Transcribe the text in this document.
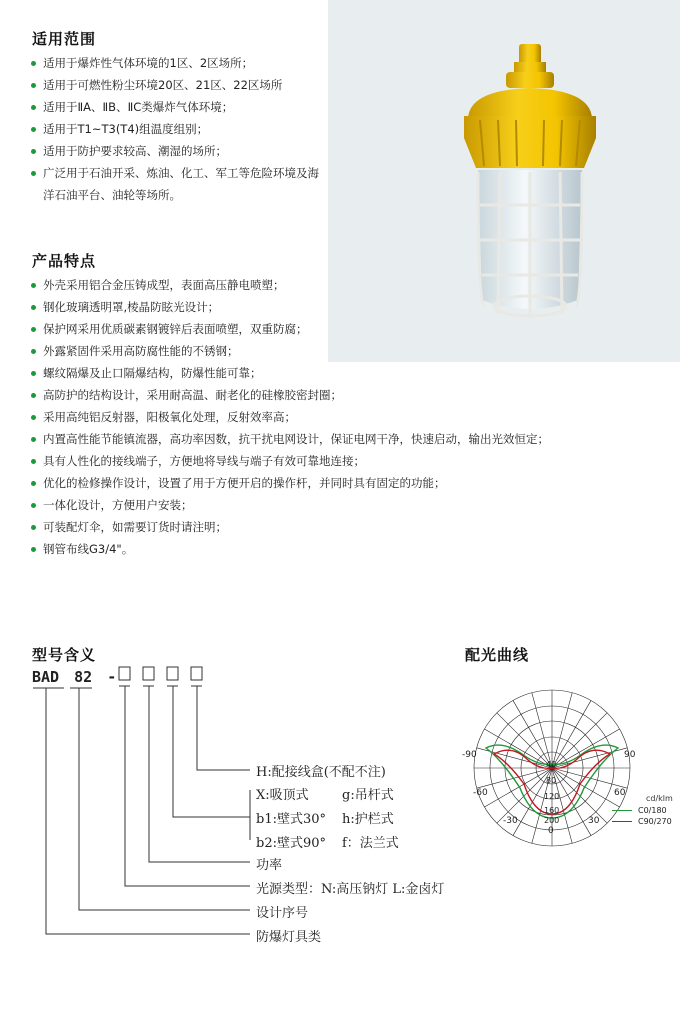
适用范围
适用于爆炸性气体环境的1区、2区场所；
适用于可燃性粉尘环境20区、21区、22区场所
适用于ⅡA、ⅡB、ⅡC类爆炸气体环境；
适用于T1~T3(T4)组温度组别；
适用于防护要求较高、潮湿的场所；
广泛用于石油开采、炼油、化工、军工等危险环境及海洋石油平台、油轮等场所。
产品特点
外壳采用铝合金压铸成型，表面高压静电喷塑；
钢化玻璃透明罩,棱晶防眩光设计；
保护网采用优质碳素钢镀锌后表面喷塑，双重防腐；
外露紧固件采用高防腐性能的不锈钢；
螺纹隔爆及止口隔爆结构，防爆性能可靠；
高防护的结构设计，采用耐高温、耐老化的硅橡胶密封圈；
采用高纯铝反射器，阳极氧化处理，反射效率高；
内置高性能节能镇流器，高功率因数，抗干扰电网设计，保证电网干净，快速启动，输出光效恒定；
具有人性化的接线端子，方便地将导线与端子有效可靠地连接；
优化的检修操作设计，设置了用于方便开启的操作杆，并同时具有固定的功能；
一体化设计，方便用户安装；
可装配灯伞，如需要订货时请注明；
钢管布线G3/4"。
型号含义
BAD 82 -
H:配接线盒(不配不注)
X:吸顶式	g:吊杆式
b1:壁式30° h:护栏式
b2:壁式90° f：法兰式
功率
光源类型：N:高压钠灯 L:金卤灯
设计序号
防爆灯具类
配光曲线
-90	90
-60	60
-30	30
0
40
80
120
160
200
cd/klm
C0/180
C90/270
